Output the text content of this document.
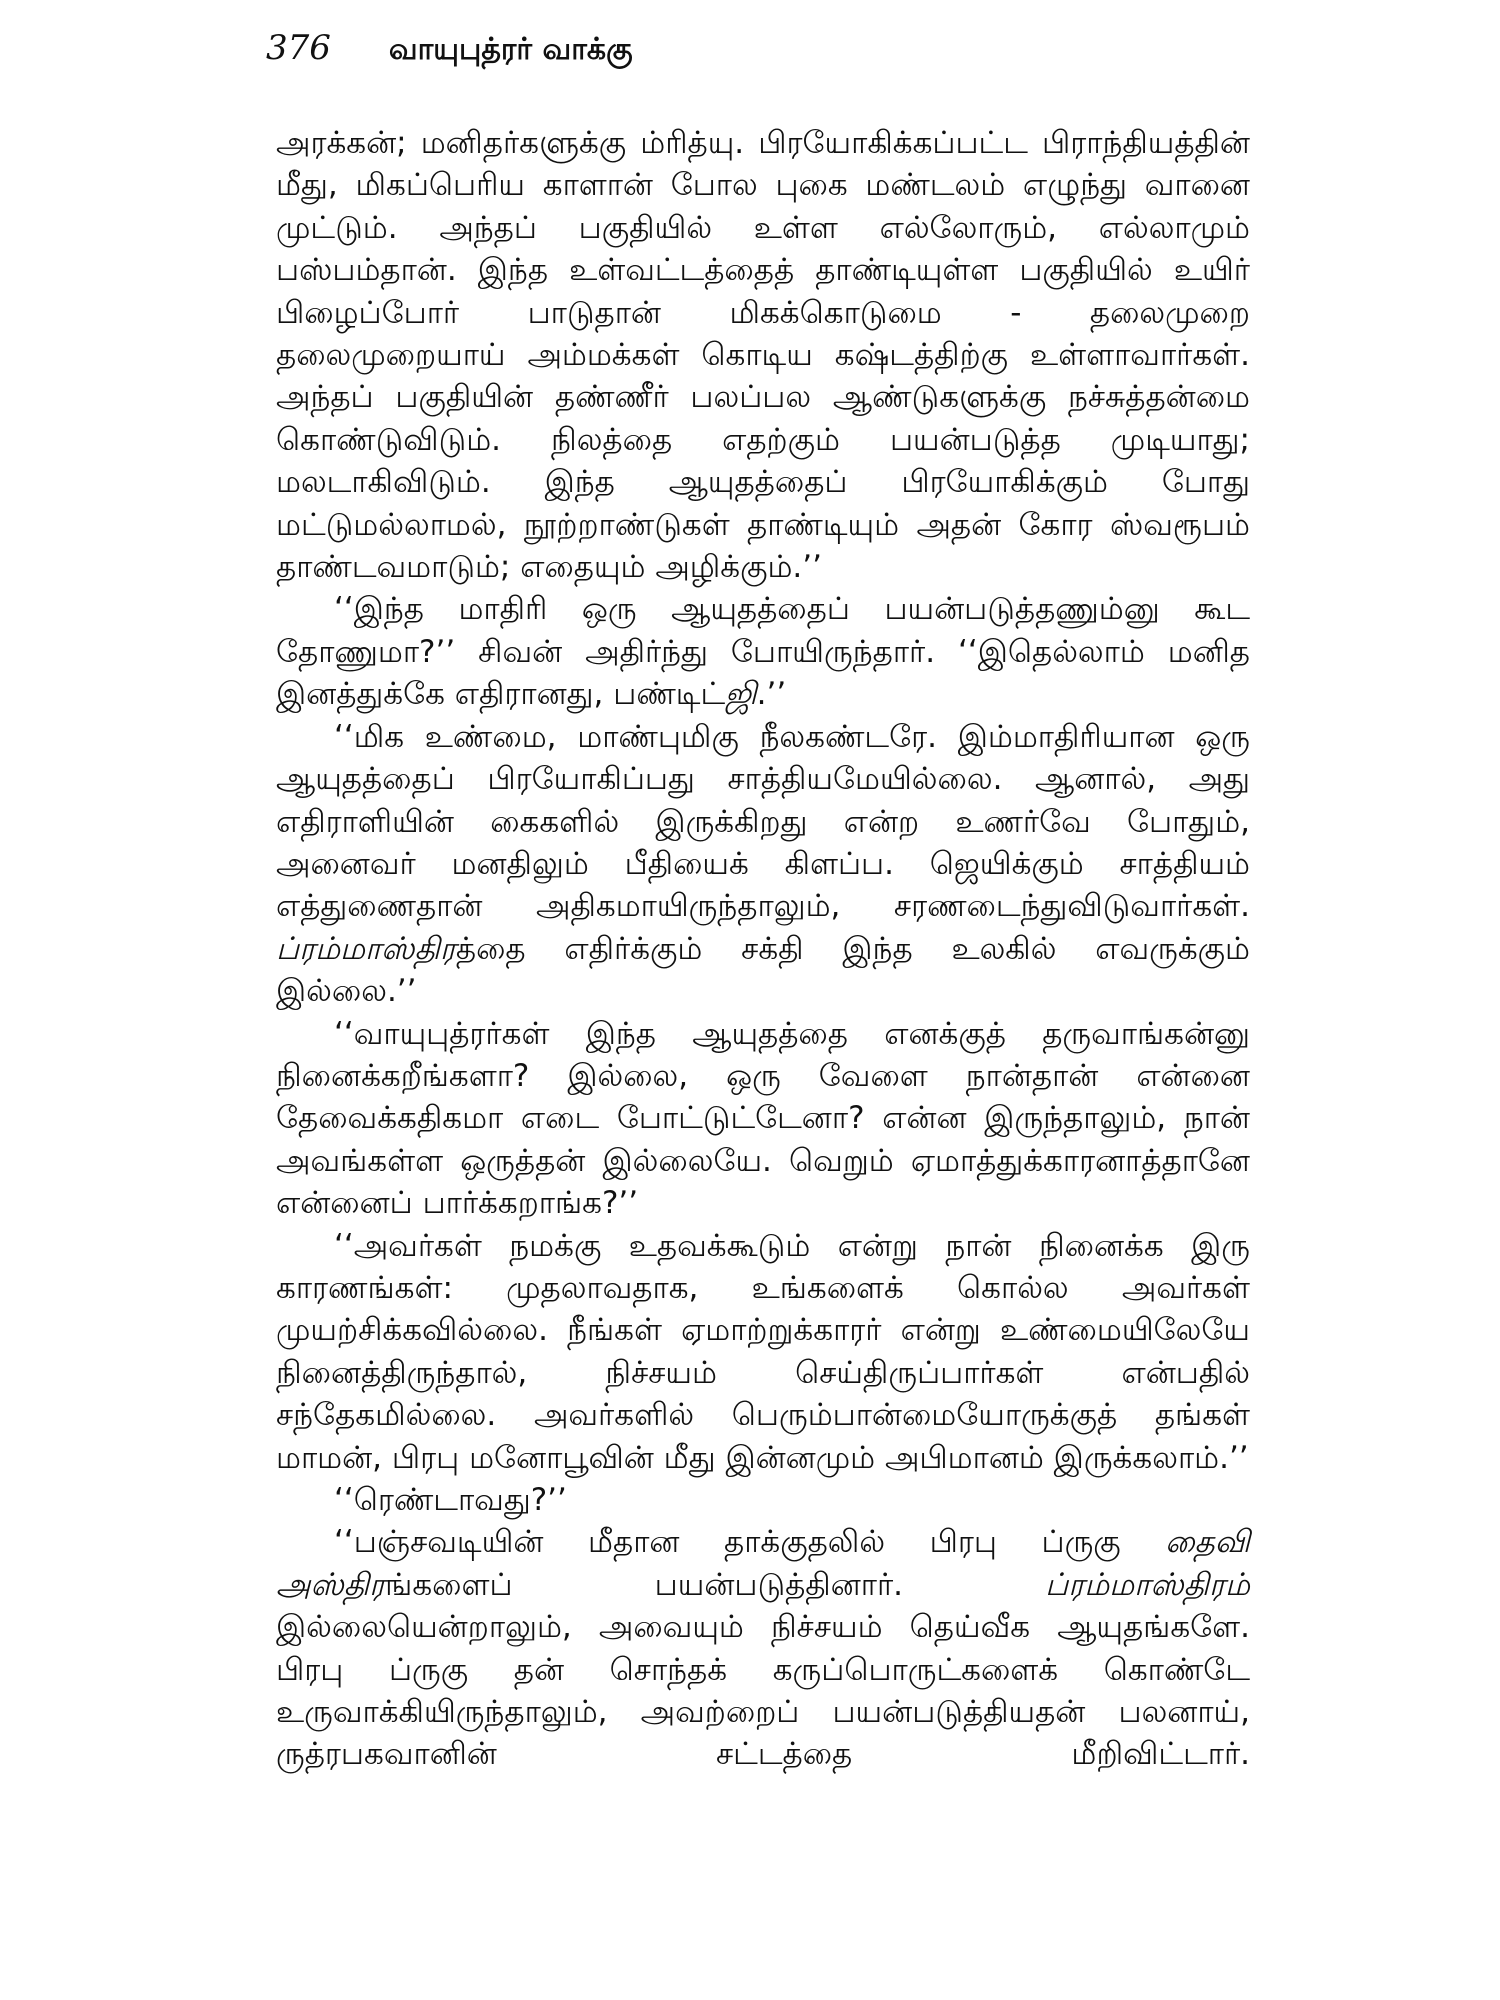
376 வாயுபுத்ரர் வாக்கு

அரக்கன்; மனிதர்களுக்கு ம்ரித்யு. பிரயோகிக்கப்பட்ட பிராந்தியத்தின் மீது, மிகப்பெரிய காளான் போல புகை மண்டலம் எழுந்து வானை முட்டும். அந்தப் பகுதியில் உள்ள எல்லோரும், எல்லாமும் பஸ்பம்தான். இந்த உள்வட்டத்தைத் தாண்டியுள்ள பகுதியில் உயிர் பிழைப்போர் பாடுதான் மிகக்கொடுமை - தலைமுறை தலைமுறையாய் அம்மக்கள் கொடிய கஷ்டத்திற்கு உள்ளாவார்கள். அந்தப் பகுதியின் தண்ணீர் பலப்பல ஆண்டுகளுக்கு நச்சுத்தன்மை கொண்டுவிடும். நிலத்தை எதற்கும் பயன்படுத்த முடியாது; மலடாகிவிடும். இந்த ஆயுதத்தைப் பிரயோகிக்கும் போது மட்டுமல்லாமல், நூற்றாண்டுகள் தாண்டியும் அதன் கோர ஸ்வரூபம் தாண்டவமாடும்; எதையும் அழிக்கும்.’’

‘‘இந்த மாதிரி ஒரு ஆயுதத்தைப் பயன்படுத்தணும்னு கூட தோணுமா?’’ சிவன் அதிர்ந்து போயிருந்தார். ‘‘இதெல்லாம் மனித இனத்துக்கே எதிரானது, பண்டிட்ஜி.’’

‘‘மிக உண்மை, மாண்புமிகு நீலகண்டரே. இம்மாதிரியான ஒரு ஆயுதத்தைப் பிரயோகிப்பது சாத்தியமேயில்லை. ஆனால், அது எதிராளியின் கைகளில் இருக்கிறது என்ற உணர்வே போதும், அனைவர் மனதிலும் பீதியைக் கிளப்ப. ஜெயிக்கும் சாத்தியம் எத்துணைதான் அதிகமாயிருந்தாலும், சரணடைந்துவிடுவார்கள். ப்ரம்மாஸ்திரத்தை எதிர்க்கும் சக்தி இந்த உலகில் எவருக்கும் இல்லை.’’

‘‘வாயுபுத்ரர்கள் இந்த ஆயுதத்தை எனக்குத் தருவாங்கன்னு நினைக்கறீங்களா? இல்லை, ஒரு வேளை நான்தான் என்னை தேவைக்கதிகமா எடை போட்டுட்டேனா? என்ன இருந்தாலும், நான் அவங்கள்ள ஒருத்தன் இல்லையே. வெறும் ஏமாத்துக்காரனாத்தானே என்னைப் பார்க்கறாங்க?’’

‘‘அவர்கள் நமக்கு உதவக்கூடும் என்று நான் நினைக்க இரு காரணங்கள்: முதலாவதாக, உங்களைக் கொல்ல அவர்கள் முயற்சிக்கவில்லை. நீங்கள் ஏமாற்றுக்காரர் என்று உண்மையிலேயே நினைத்திருந்தால், நிச்சயம் செய்திருப்பார்கள் என்பதில் சந்தேகமில்லை. அவர்களில் பெரும்பான்மையோருக்குத் தங்கள் மாமன், பிரபு மனோபூவின் மீது இன்னமும் அபிமானம் இருக்கலாம்.’’

‘‘ரெண்டாவது?’’

‘‘பஞ்சவடியின் மீதான தாக்குதலில் பிரபு ப்ருகு தைவி அஸ்திரங்களைப் பயன்படுத்தினார். ப்ரம்மாஸ்திரம் இல்லையென்றாலும், அவையும் நிச்சயம் தெய்வீக ஆயுதங்களே. பிரபு ப்ருகு தன் சொந்தக் கருப்பொருட்களைக் கொண்டே உருவாக்கியிருந்தாலும், அவற்றைப் பயன்படுத்தியதன் பலனாய், ருத்ரபகவானின் சட்டத்தை மீறிவிட்டார்.
